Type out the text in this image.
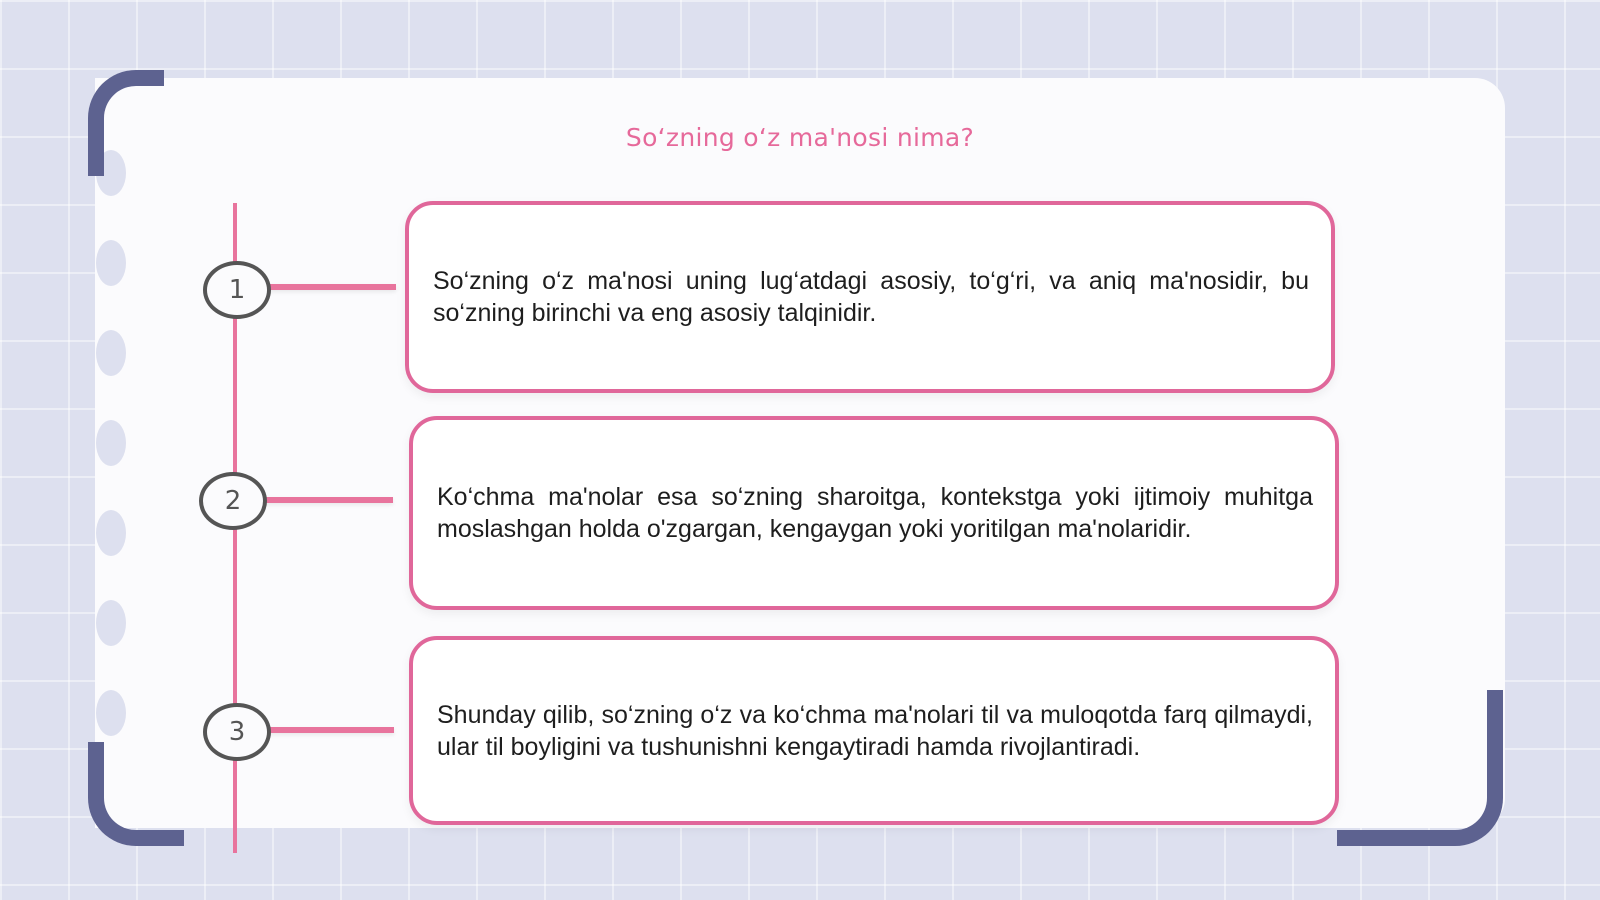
So‘zning o‘z ma'nosi nima?
1	So‘zning o‘z ma'nosi uning lug‘atdagi asosiy, to‘g‘ri, va aniq ma'nosidir, bu so‘zning birinchi va eng asosiy talqinidir.
2	Ko‘chma ma'nolar esa so‘zning sharoitga, kontekstga yoki ijtimoiy muhitga moslashgan holda o'zgargan, kengaygan yoki yoritilgan ma'nolaridir.
3
Shunday qilib, so‘zning o‘z va ko‘chma ma'nolari til va muloqotda farq qilmaydi, ular til boyligini va tushunishni kengaytiradi hamda rivojlantiradi.
